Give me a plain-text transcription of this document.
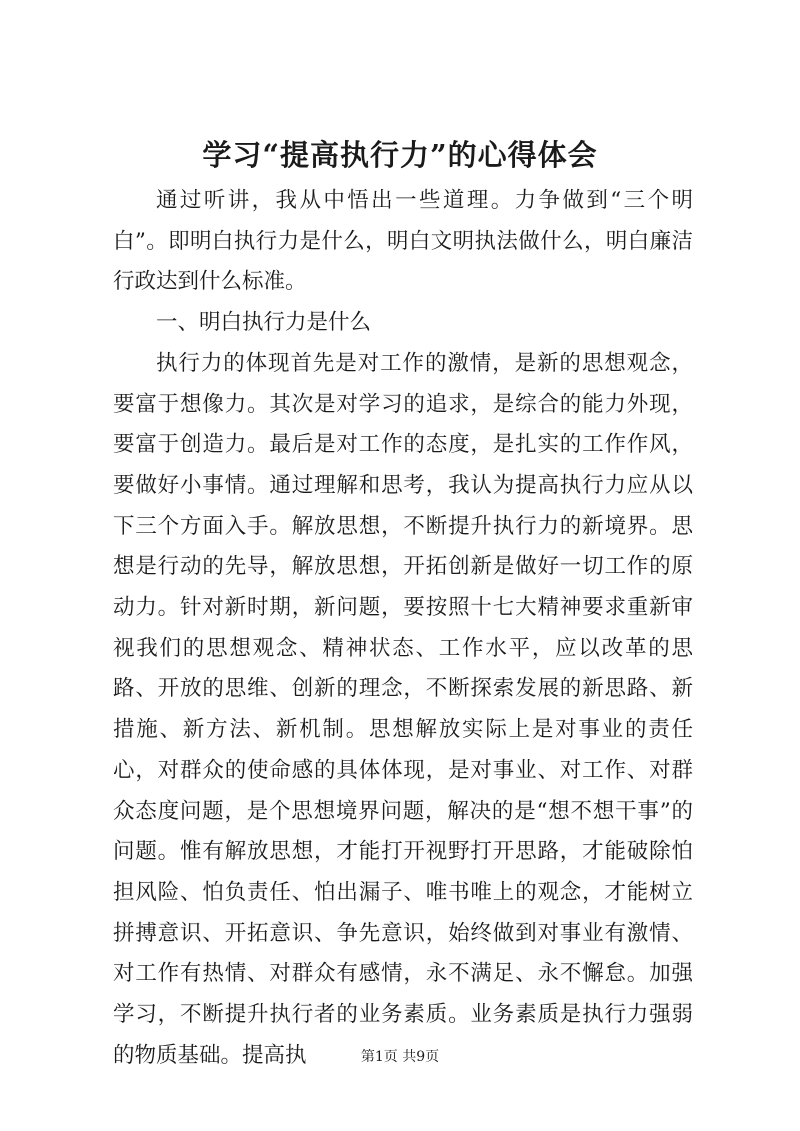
学习“提高执行力”的心得体会

通过听讲，我从中悟出一些道理。力争做到“三个明白”。即明白执行力是什么，明白文明执法做什么，明白廉洁行政达到什么标准。

一、明白执行力是什么

执行力的体现首先是对工作的激情，是新的思想观念，要富于想像力。其次是对学习的追求，是综合的能力外现，要富于创造力。最后是对工作的态度，是扎实的工作作风，要做好小事情。通过理解和思考，我认为提高执行力应从以下三个方面入手。解放思想，不断提升执行力的新境界。思想是行动的先导，解放思想，开拓创新是做好一切工作的原动力。针对新时期，新问题，要按照十七大精神要求重新审视我们的思想观念、精神状态、工作水平，应以改革的思路、开放的思维、创新的理念，不断探索发展的新思路、新措施、新方法、新机制。思想解放实际上是对事业的责任心，对群众的使命感的具体体现，是对事业、对工作、对群众态度问题，是个思想境界问题，解决的是“想不想干事”的问题。惟有解放思想，才能打开视野打开思路，才能破除怕担风险、怕负责任、怕出漏子、唯书唯上的观念，才能树立拼搏意识、开拓意识、争先意识，始终做到对事业有激情、对工作有热情、对群众有感情，永不满足、永不懈怠。加强学习，不断提升执行者的业务素质。业务素质是执行力强弱的物质基础。提高执	第1页 共9页
